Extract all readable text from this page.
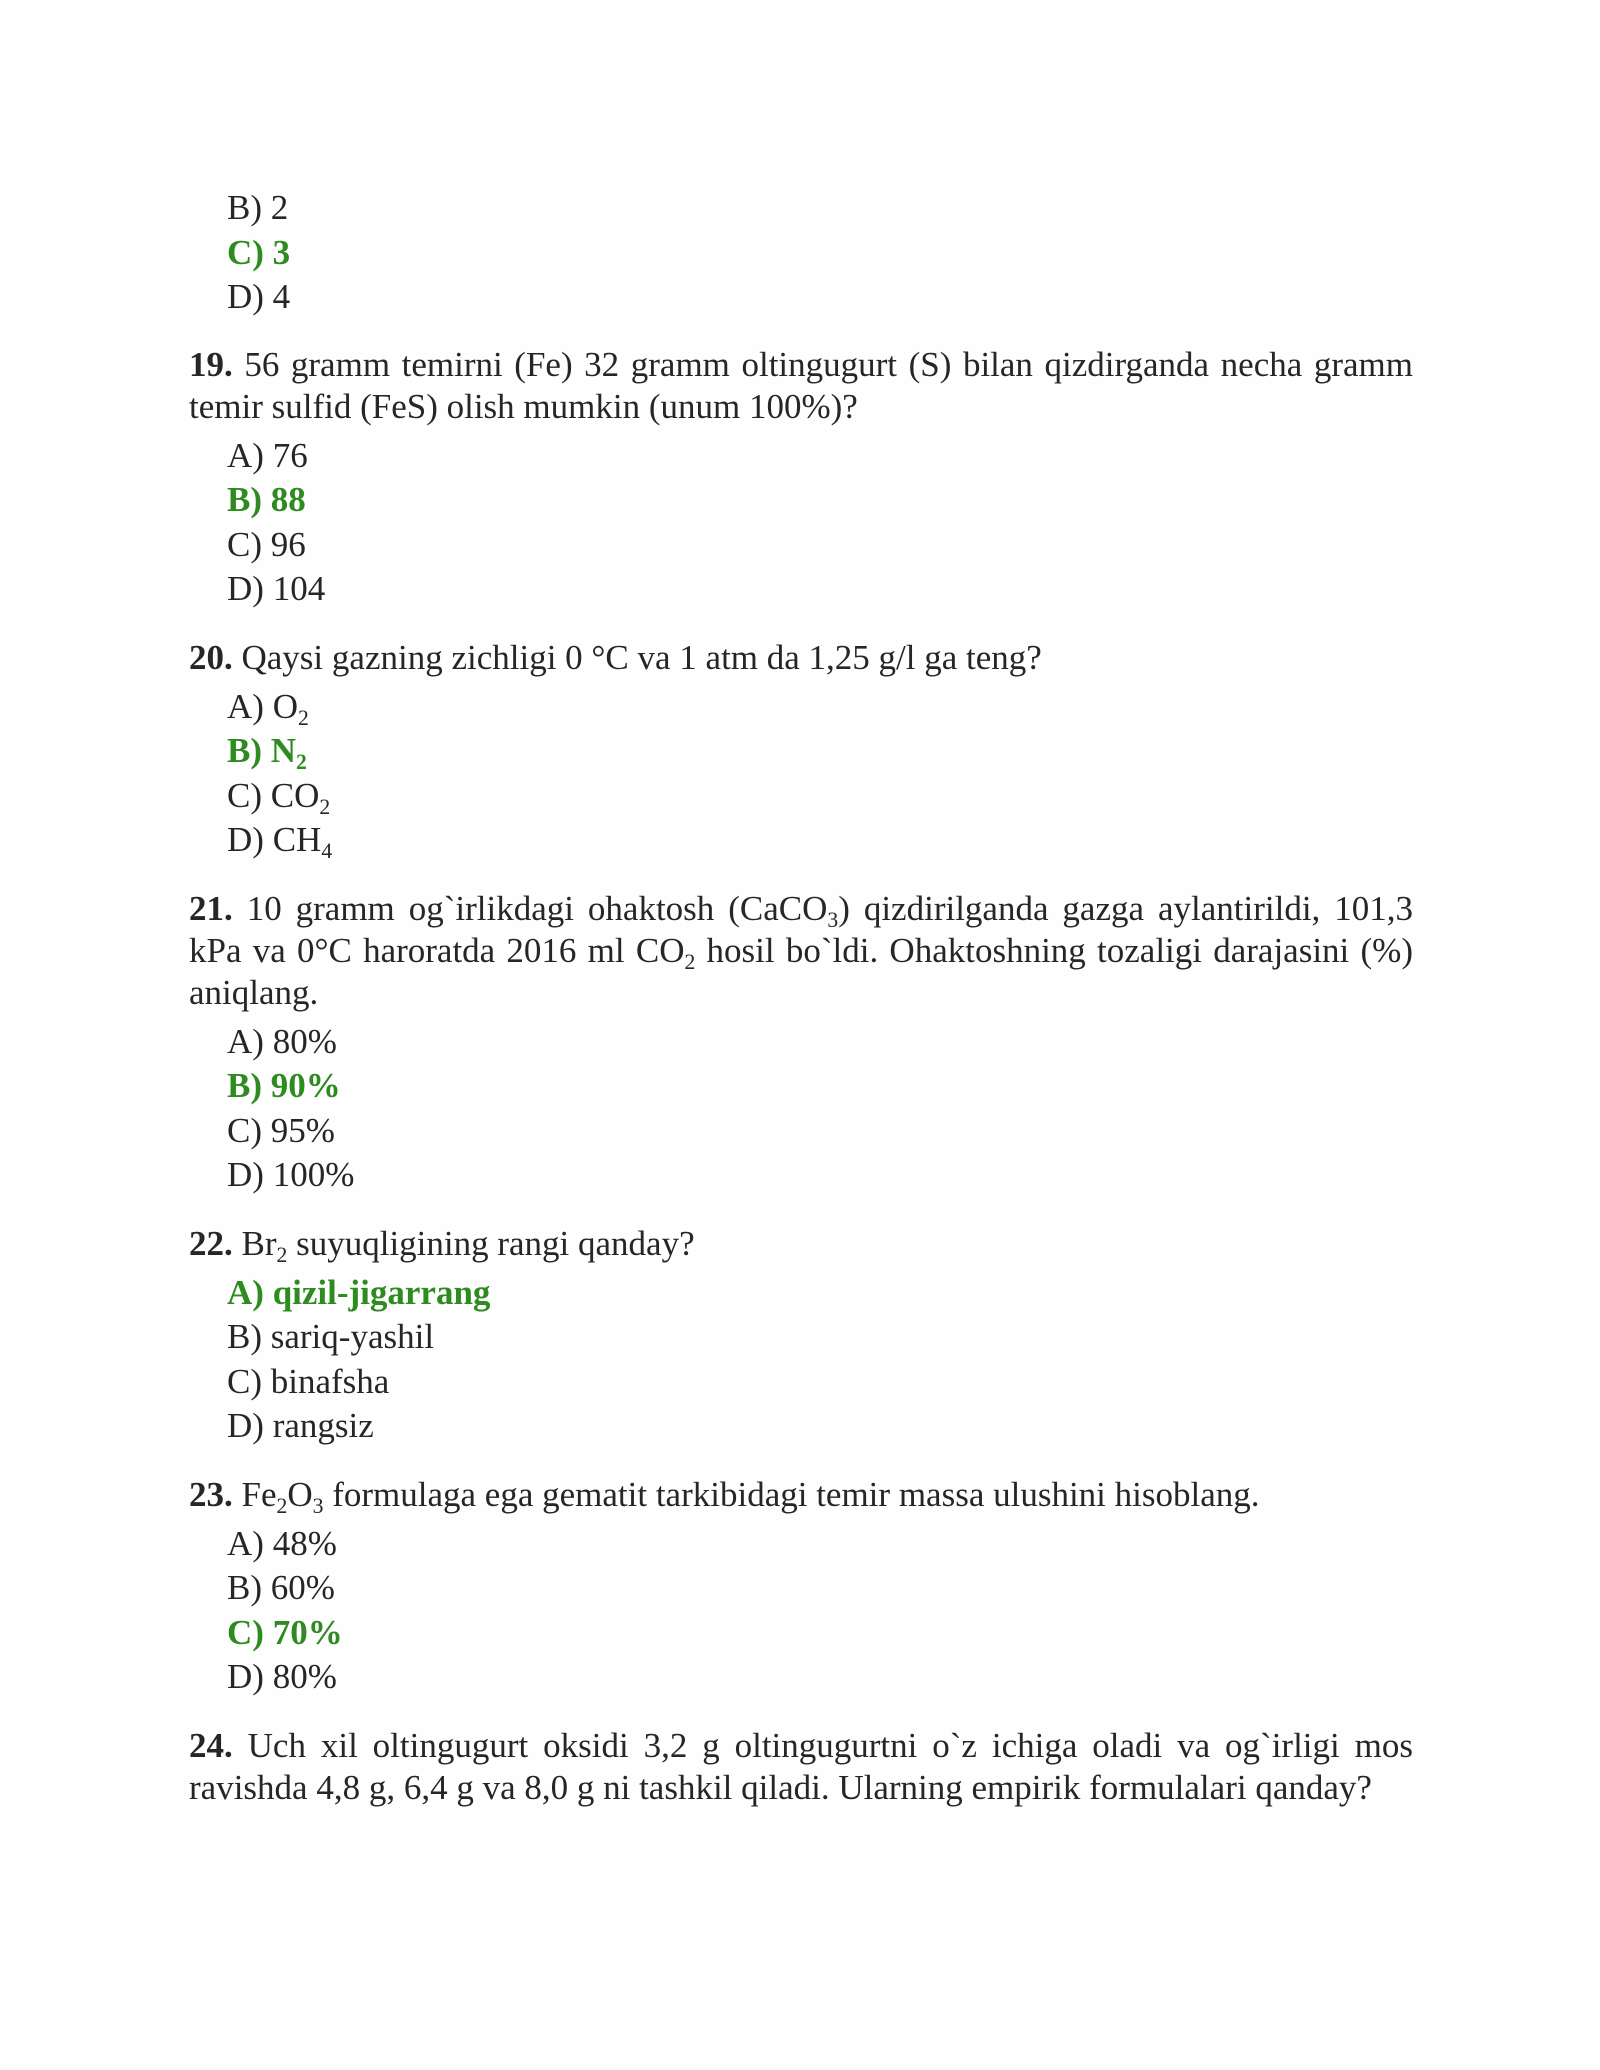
B) 2
C) 3
D) 4
19. 56 gramm temirni (Fe) 32 gramm oltingugurt (S) bilan qizdirganda necha gramm temir sulfid (FeS) olish mumkin (unum 100%)?
A) 76
B) 88
C) 96
D) 104
20. Qaysi gazning zichligi 0 °C va 1 atm da 1,25 g/l ga teng?
A) $O_2$
B) $N_2$
C) $CO_2$
D) $CH_4$
21. 10 gramm og`irlikdagi ohaktosh (CaCO$_3$) qizdirilganda gazga aylantirildi, 101,3 kPa va 0°C haroratda 2016 ml $CO_2$ hosil bo`ldi. Ohaktoshning tozaligi darajasini (%) aniqlang.
A) 80%
B) 90%
C) 95%
D) 100%
22. $Br_2$ suyuqligining rangi qanday?
A) qizil-jigarrang
B) sariq-yashil
C) binafsha
D) rangsiz
23. $Fe_2O_3$ formulaga ega gematit tarkibidagi temir massa ulushini hisoblang.
A) 48%
B) 60%
C) 70%
D) 80%
24. Uch xil oltingugurt oksidi 3,2 g oltingugurtni o`z ichiga oladi va og`irligi mos ravishda 4,8 g, 6,4 g va 8,0 g ni tashkil qiladi. Ularning empirik formulalari qanday?
